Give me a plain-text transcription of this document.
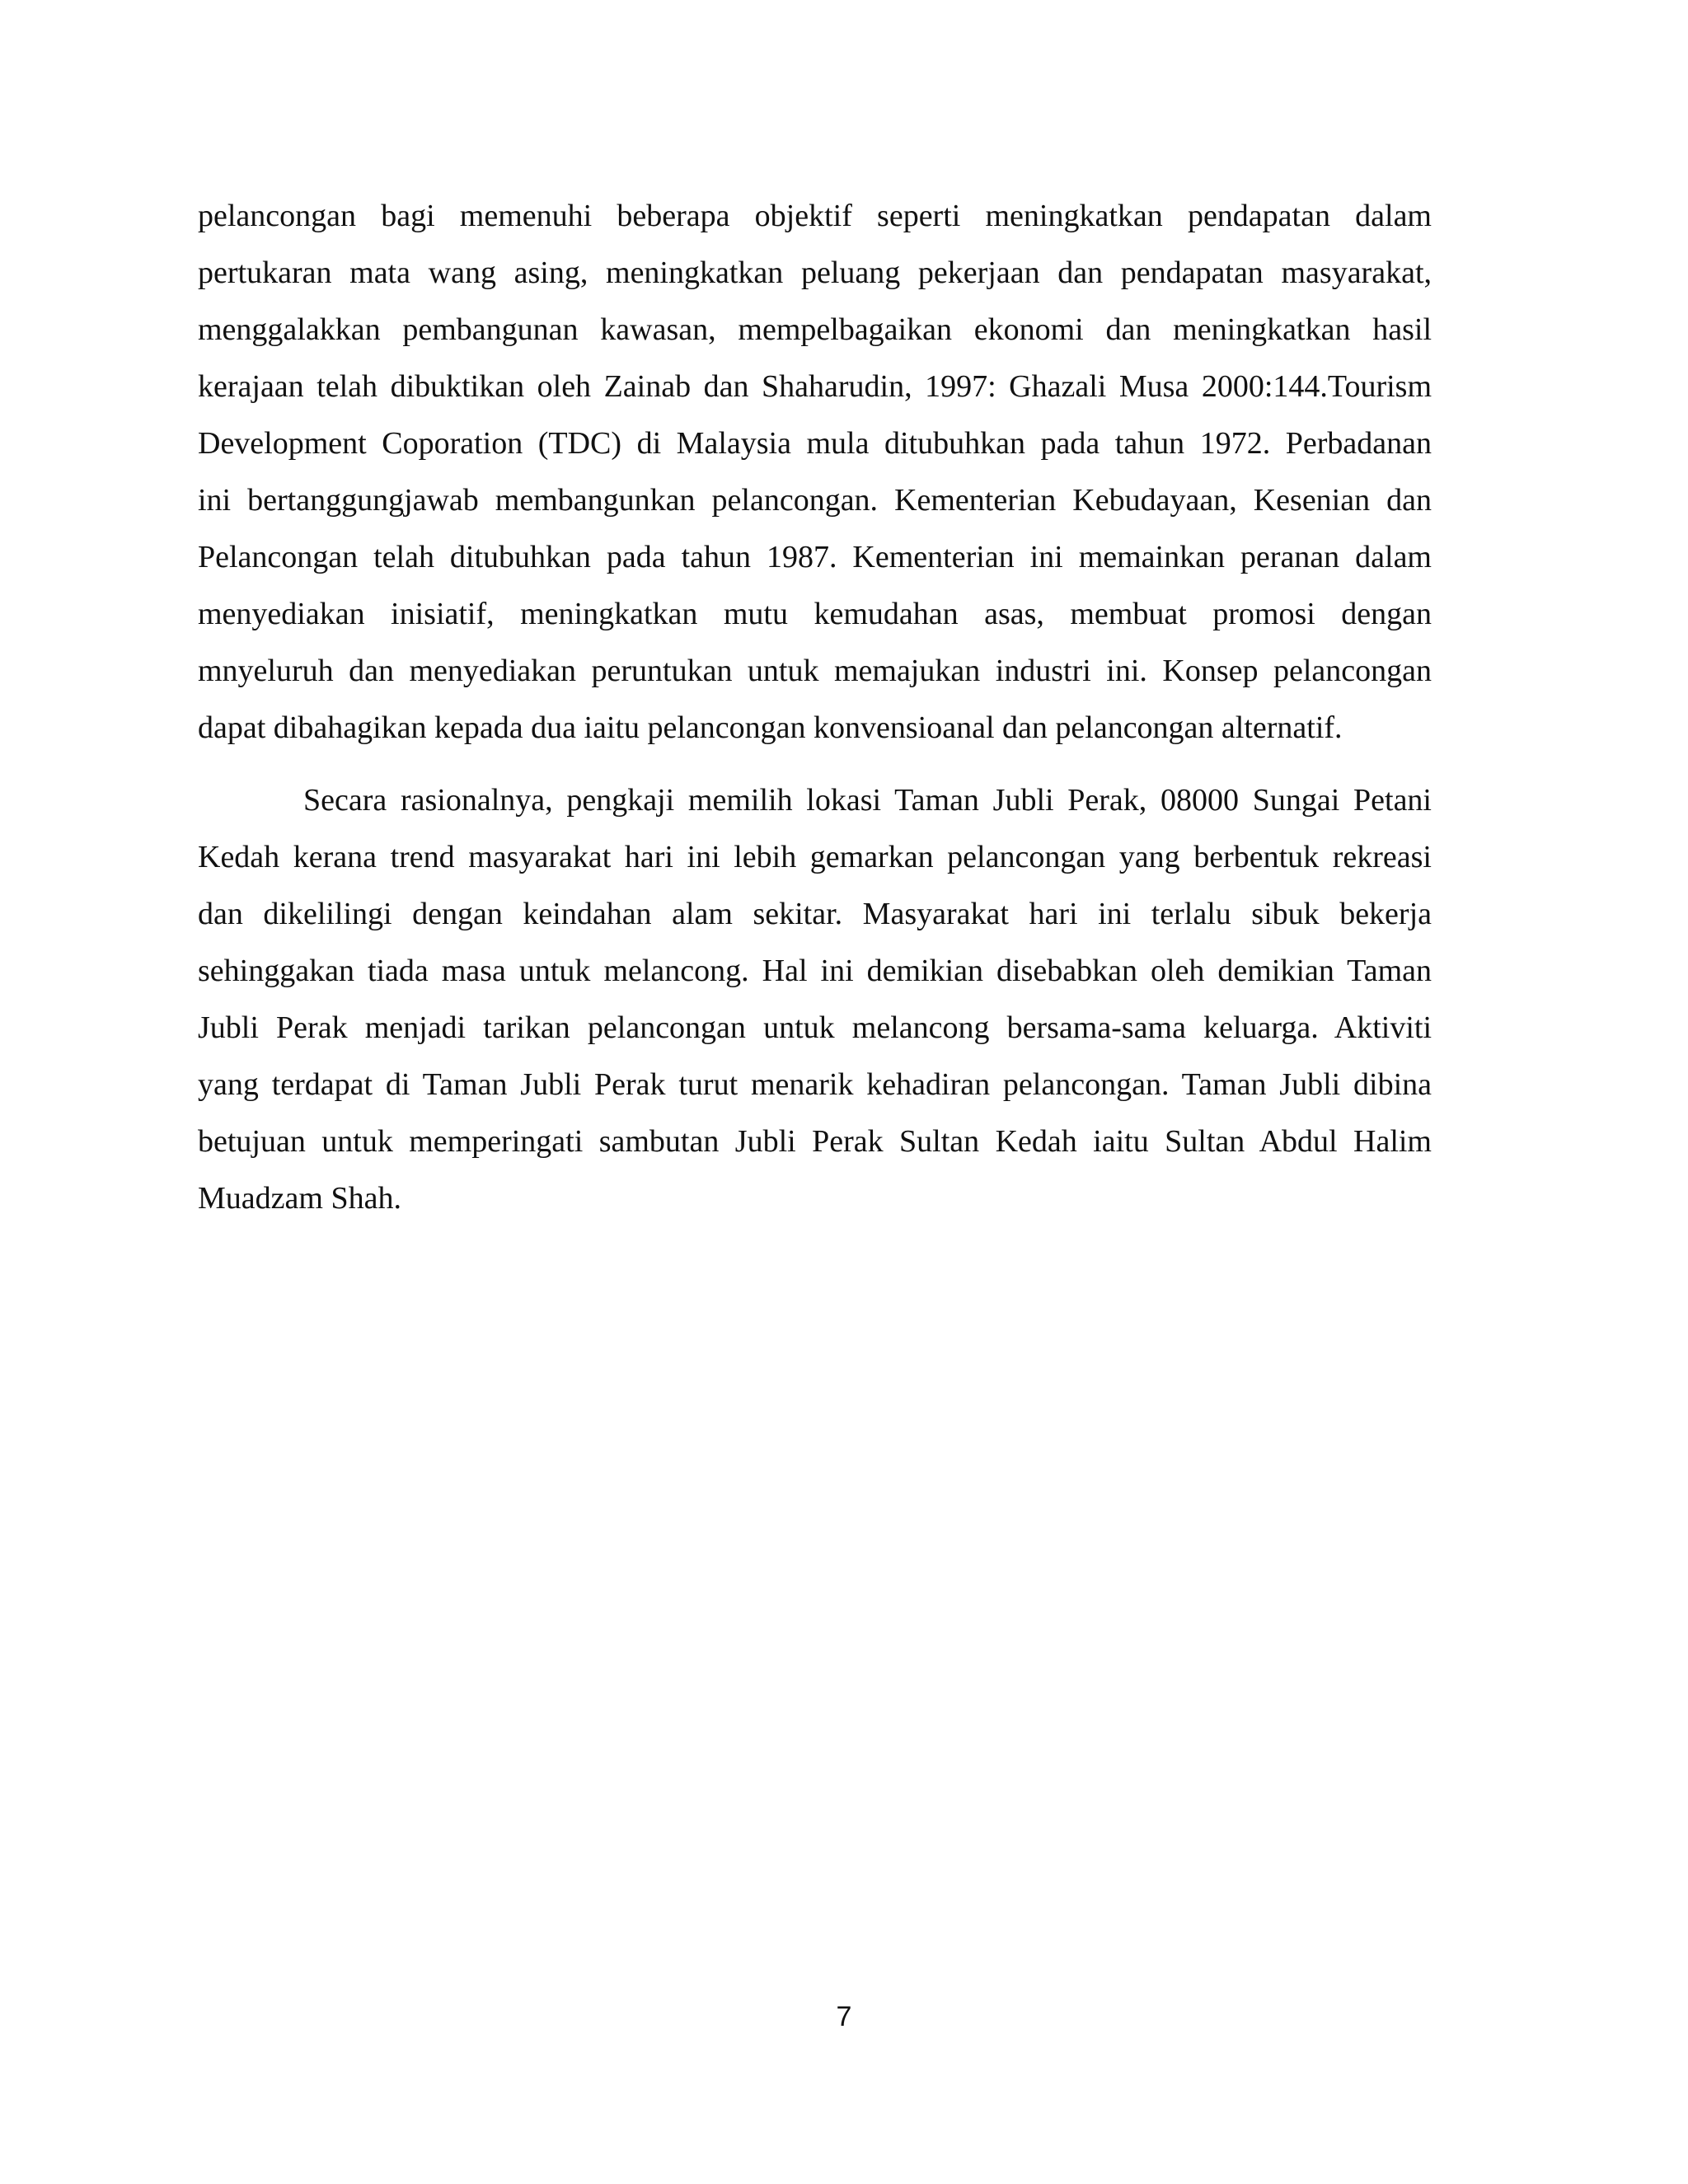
pelancongan bagi memenuhi beberapa objektif seperti meningkatkan pendapatan dalam
pertukaran mata wang asing, meningkatkan peluang pekerjaan dan pendapatan masyarakat,
menggalakkan pembangunan kawasan, mempelbagaikan ekonomi dan meningkatkan hasil
kerajaan telah dibuktikan oleh Zainab dan Shaharudin, 1997: Ghazali Musa 2000:144.Tourism
Development Coporation (TDC) di Malaysia mula ditubuhkan pada tahun 1972. Perbadanan
ini bertanggungjawab membangunkan pelancongan. Kementerian Kebudayaan, Kesenian dan
Pelancongan telah ditubuhkan pada tahun 1987. Kementerian ini memainkan peranan dalam
menyediakan inisiatif, meningkatkan mutu kemudahan asas, membuat promosi dengan
mnyeluruh dan menyediakan peruntukan untuk memajukan industri ini. Konsep pelancongan
dapat dibahagikan kepada dua iaitu pelancongan konvensioanal dan pelancongan alternatif.
Secara rasionalnya, pengkaji memilih lokasi Taman Jubli Perak, 08000 Sungai Petani
Kedah kerana trend masyarakat hari ini lebih gemarkan pelancongan yang berbentuk rekreasi
dan dikelilingi dengan keindahan alam sekitar. Masyarakat hari ini terlalu sibuk bekerja
sehinggakan tiada masa untuk melancong. Hal ini demikian disebabkan oleh demikian Taman
Jubli Perak menjadi tarikan pelancongan untuk melancong bersama-sama keluarga. Aktiviti
yang terdapat di Taman Jubli Perak turut menarik kehadiran pelancongan. Taman Jubli dibina
betujuan untuk memperingati sambutan Jubli Perak Sultan Kedah iaitu Sultan Abdul Halim
Muadzam Shah.
7
